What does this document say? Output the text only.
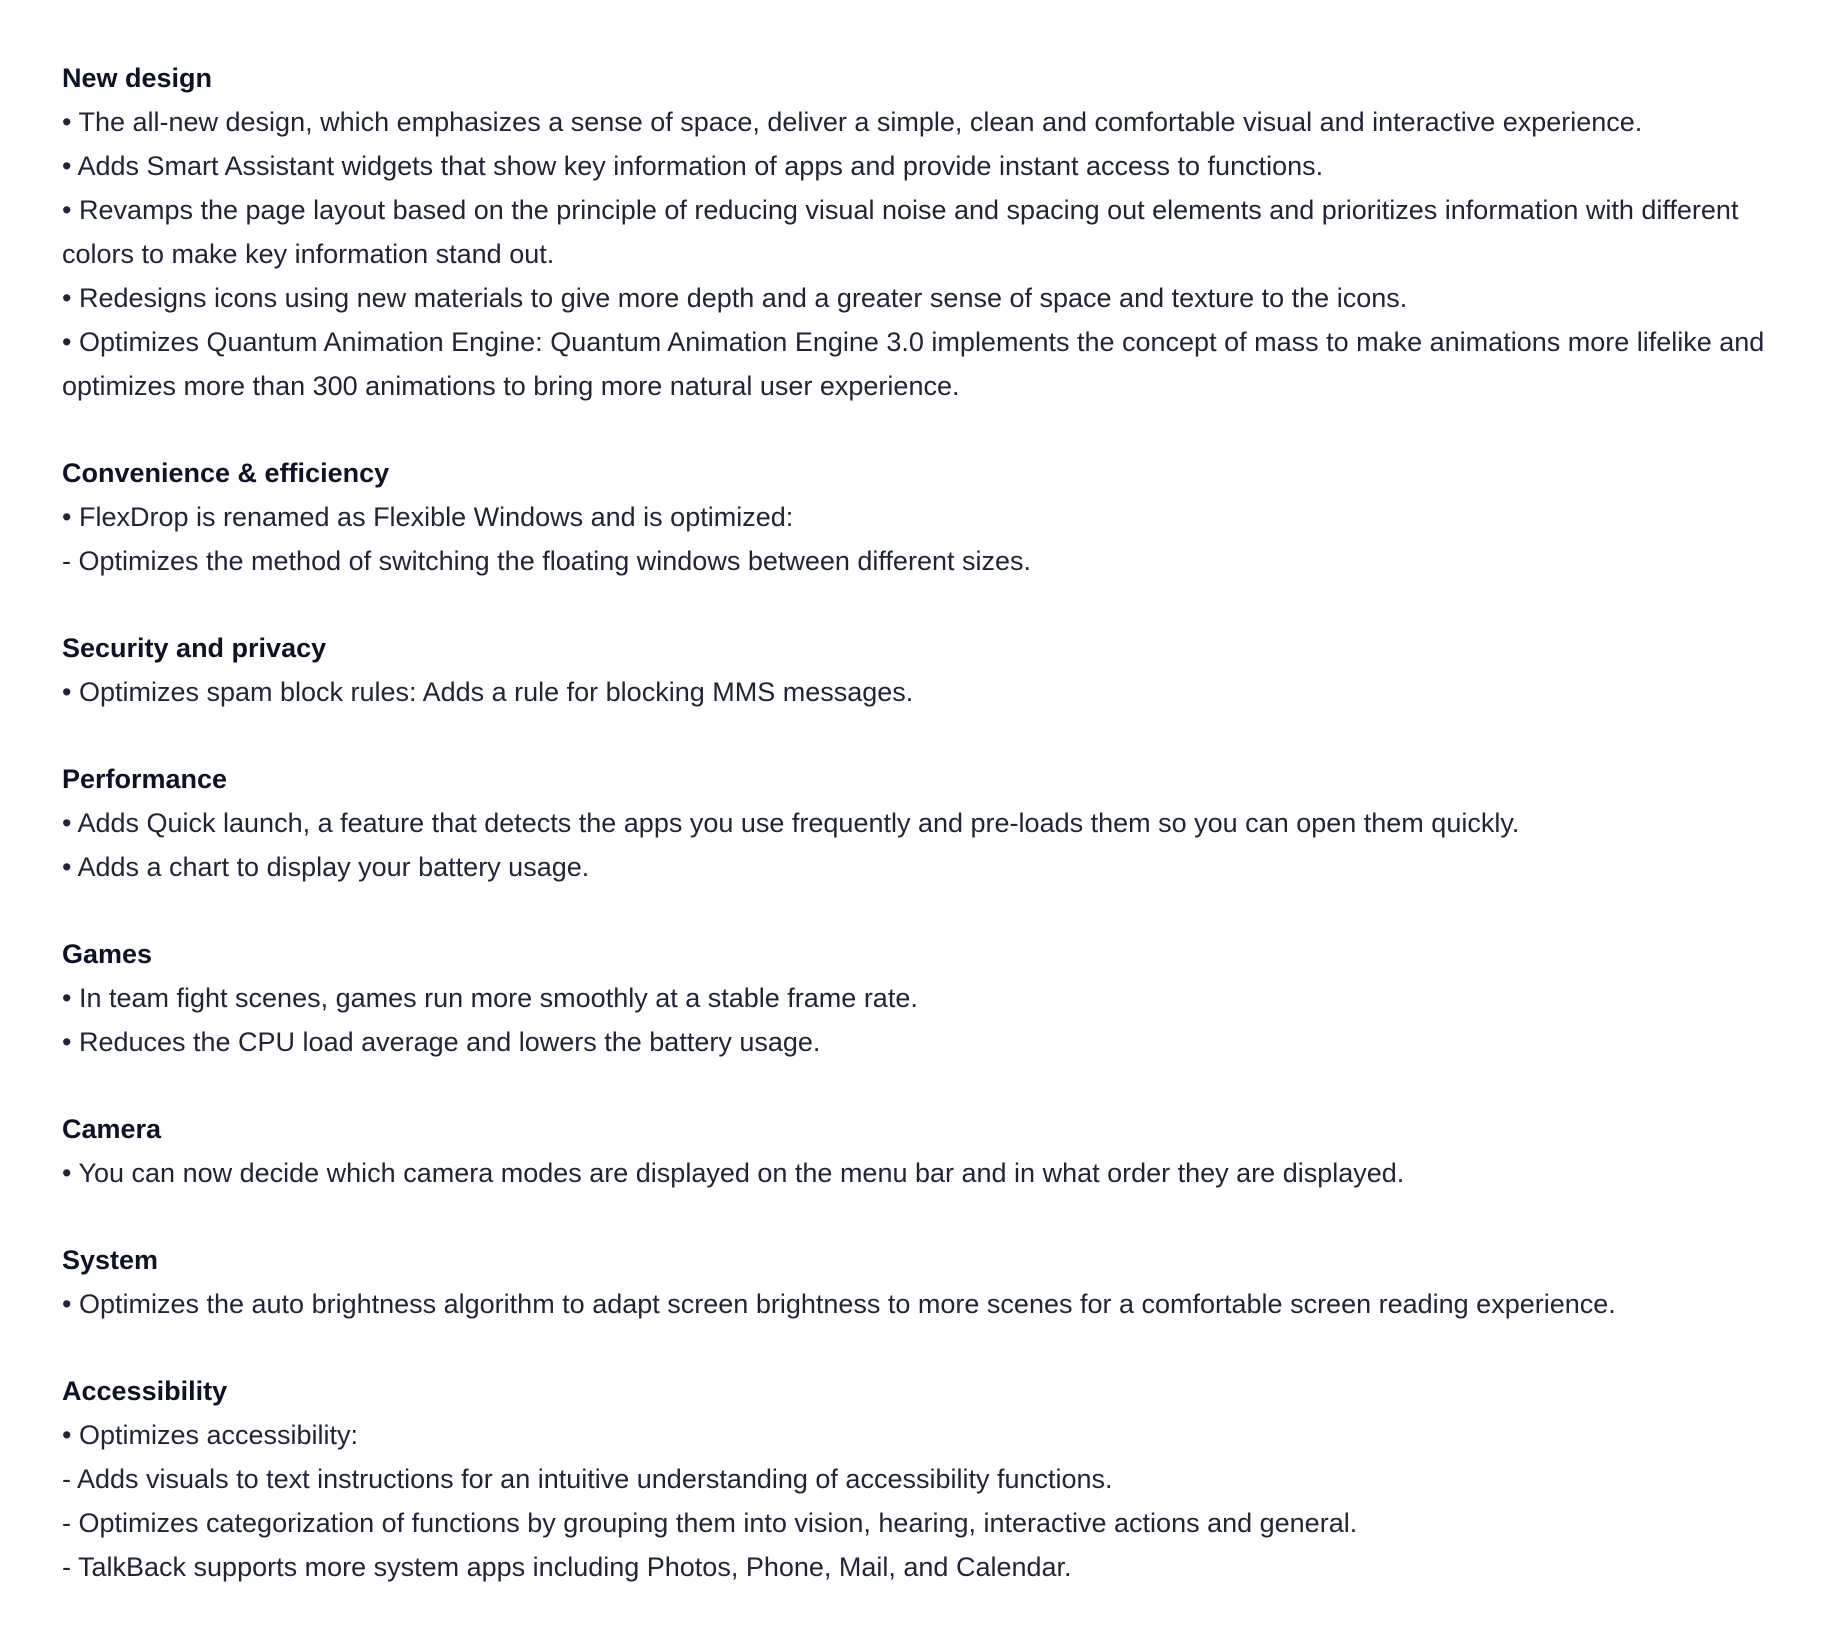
New design

• The all-new design, which emphasizes a sense of space, deliver a simple, clean and comfortable visual and interactive experience.

• Adds Smart Assistant widgets that show key information of apps and provide instant access to functions.

• Revamps the page layout based on the principle of reducing visual noise and spacing out elements and prioritizes information with different colors to make key information stand out.

• Redesigns icons using new materials to give more depth and a greater sense of space and texture to the icons.

• Optimizes Quantum Animation Engine: Quantum Animation Engine 3.0 implements the concept of mass to make animations more lifelike and optimizes more than 300 animations to bring more natural user experience.

Convenience & efficiency

• FlexDrop is renamed as Flexible Windows and is optimized:

- Optimizes the method of switching the floating windows between different sizes.

Security and privacy

• Optimizes spam block rules: Adds a rule for blocking MMS messages.

Performance

• Adds Quick launch, a feature that detects the apps you use frequently and pre-loads them so you can open them quickly.

• Adds a chart to display your battery usage.

Games

• In team fight scenes, games run more smoothly at a stable frame rate.

• Reduces the CPU load average and lowers the battery usage.

Camera

• You can now decide which camera modes are displayed on the menu bar and in what order they are displayed.

System

• Optimizes the auto brightness algorithm to adapt screen brightness to more scenes for a comfortable screen reading experience.

Accessibility

• Optimizes accessibility:

- Adds visuals to text instructions for an intuitive understanding of accessibility functions.

- Optimizes categorization of functions by grouping them into vision, hearing, interactive actions and general.

- TalkBack supports more system apps including Photos, Phone, Mail, and Calendar.
